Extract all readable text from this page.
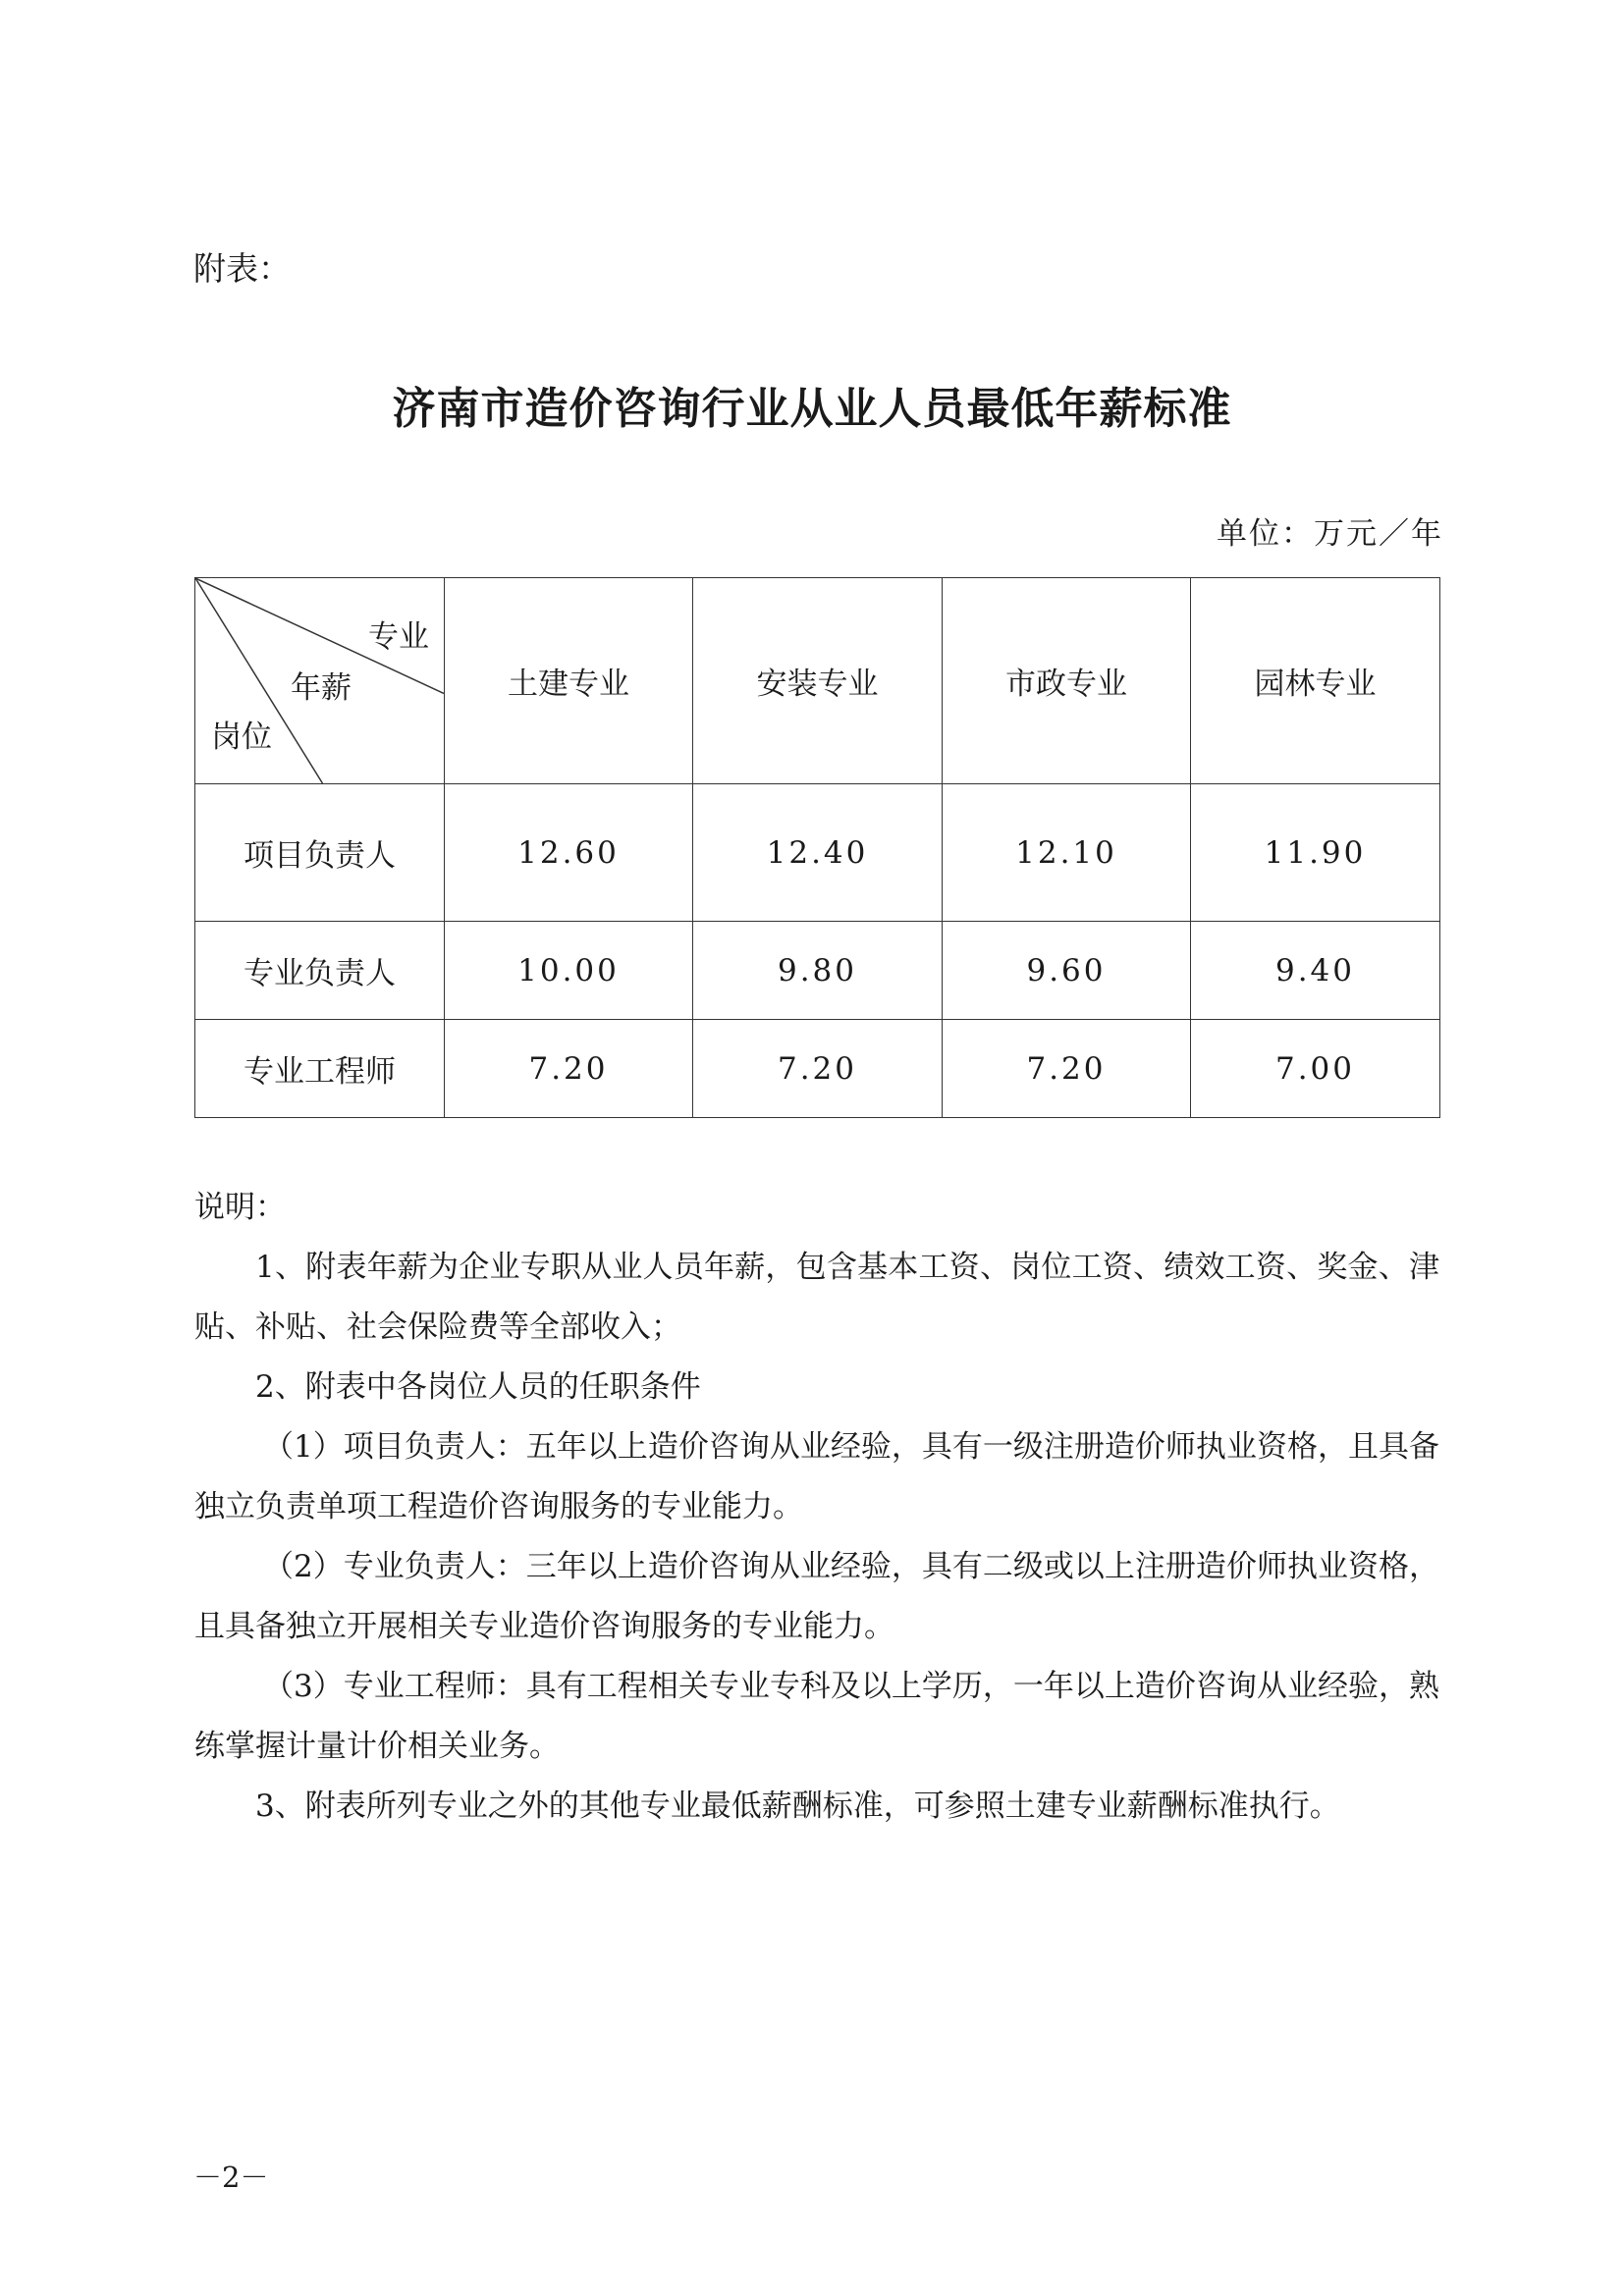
附表：
济南市造价咨询行业从业人员最低年薪标准
单位：万元／年
专业
年薪
岗位	土建专业	安装专业	市政专业	园林专业
项目负责人	12.60	12.40	12.10	11.90
专业负责人	10.00	9.80	9.60	9.40
专业工程师	7.20	7.20	7.20	7.00

说明：

1、附表年薪为企业专职从业人员年薪，包含基本工资、岗位工资、绩效工资、奖金、津贴、补贴、社会保险费等全部收入；

2、附表中各岗位人员的任职条件

（1）项目负责人：五年以上造价咨询从业经验，具有一级注册造价师执业资格，且具备独立负责单项工程造价咨询服务的专业能力。

（2）专业负责人：三年以上造价咨询从业经验，具有二级或以上注册造价师执业资格，且具备独立开展相关专业造价咨询服务的专业能力。

（3）专业工程师：具有工程相关专业专科及以上学历，一年以上造价咨询从业经验，熟练掌握计量计价相关业务。

3、附表所列专业之外的其他专业最低薪酬标准，可参照土建专业薪酬标准执行。

－2－
